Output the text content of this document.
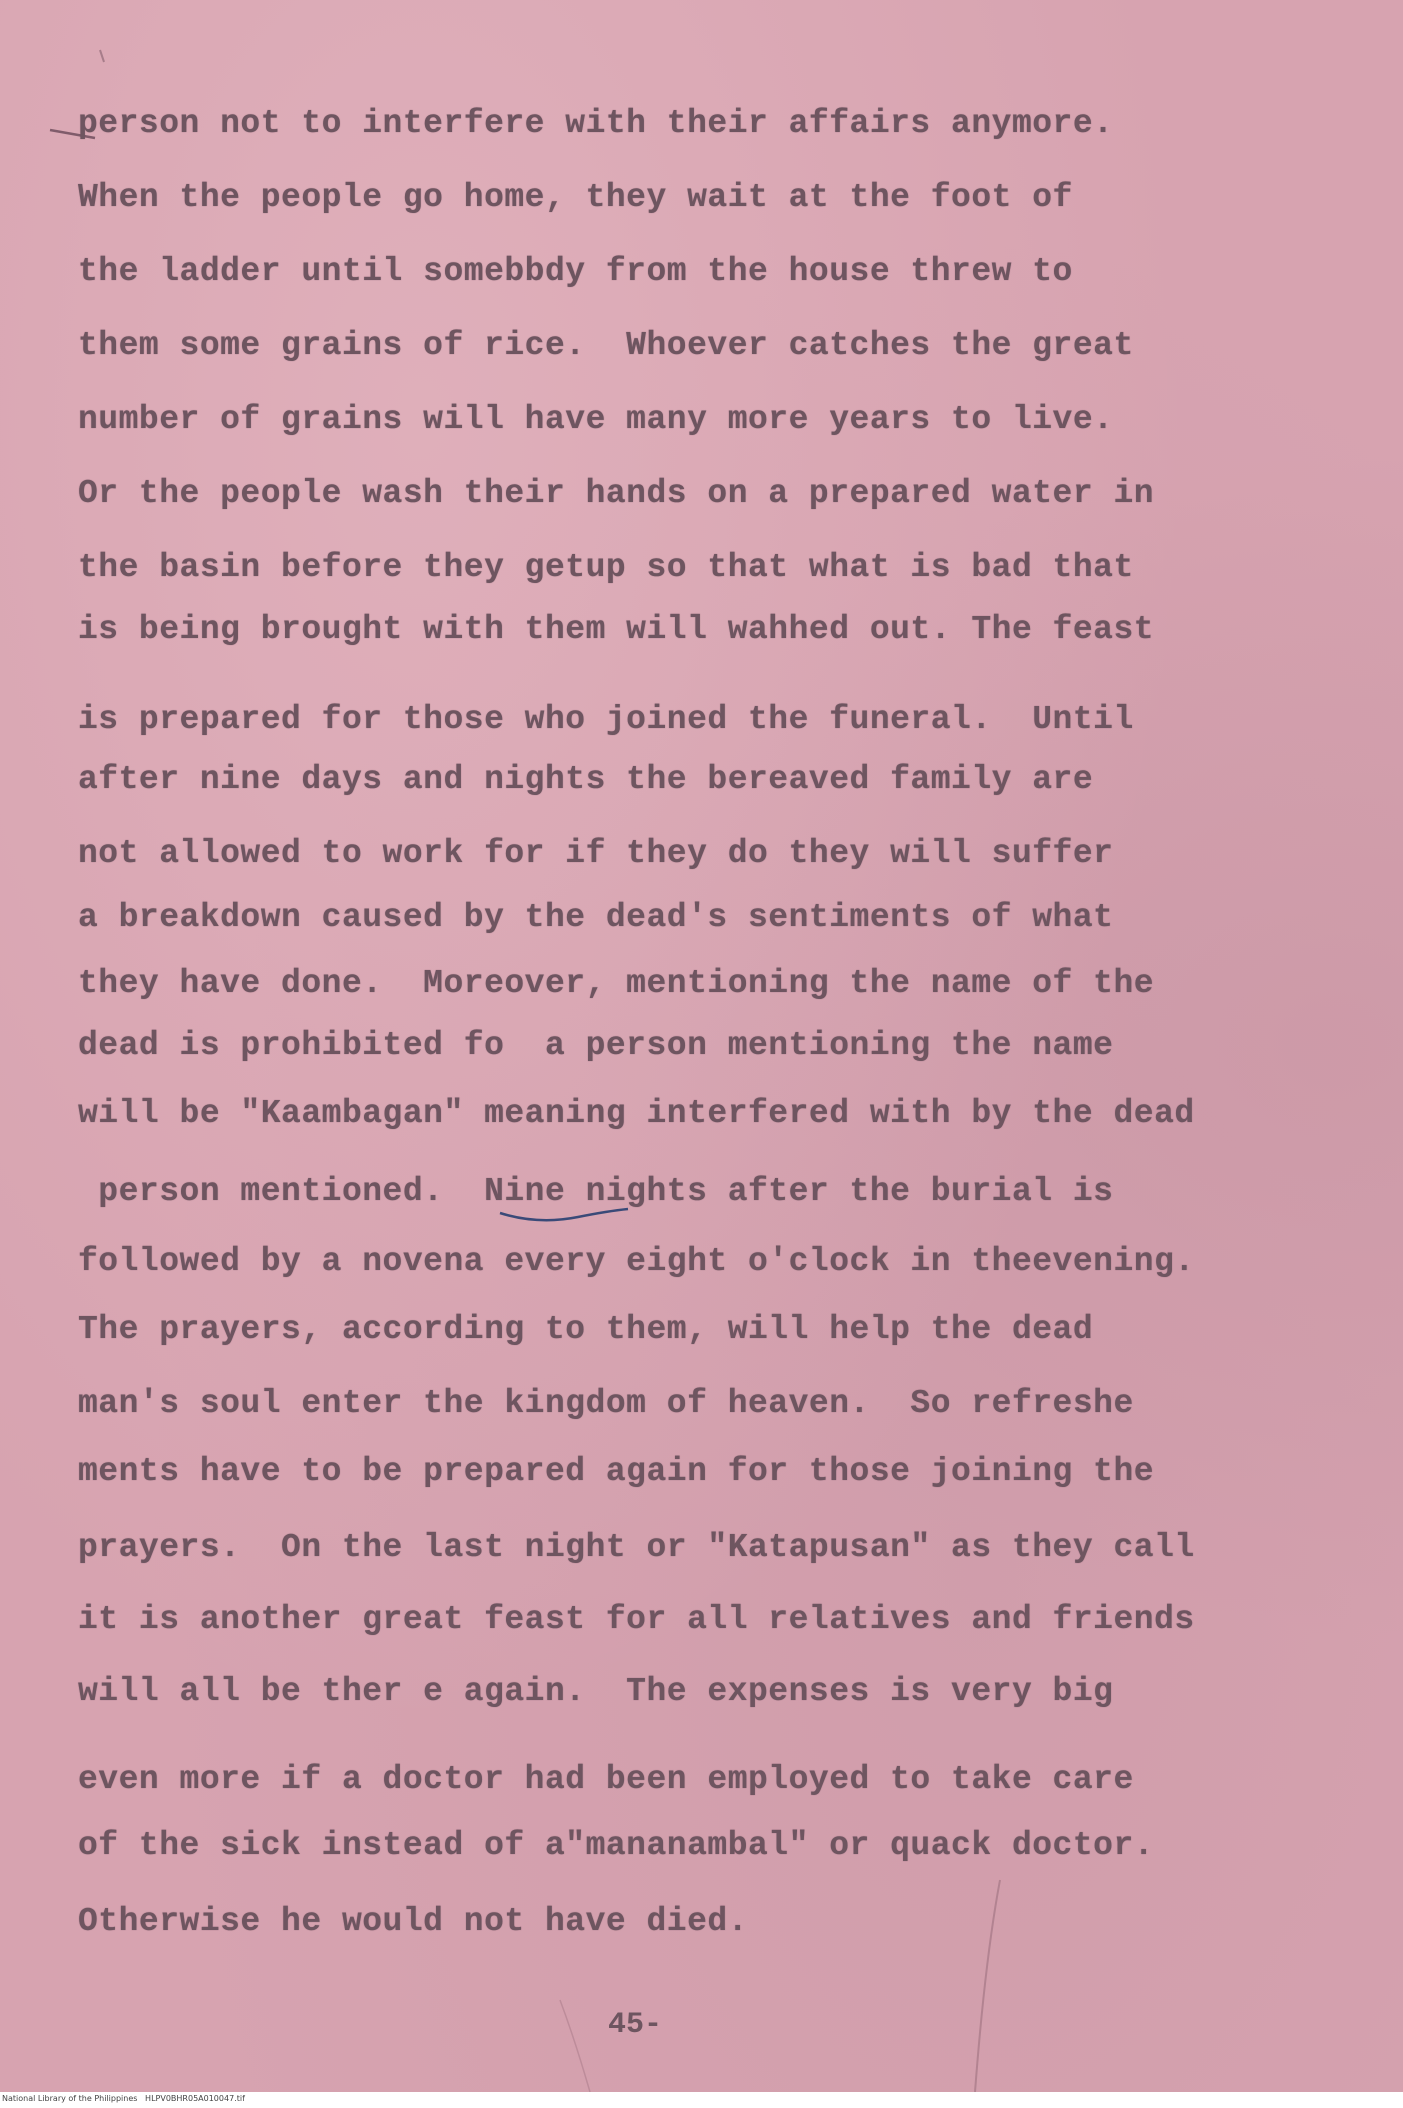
person not to interfere with their affairs anymore.
When the people go home, they wait at the foot of
the ladder until somebbdy from the house threw to
them some grains of rice.  Whoever catches the great
number of grains will have many more years to live.
Or the people wash their hands on a prepared water in
the basin before they getup so that what is bad that
is being brought with them will wahhed out. The feast
is prepared for those who joined the funeral.  Until
after nine days and nights the bereaved family are
not allowed to work for if they do they will suffer
a breakdown caused by the dead's sentiments of what
they have done.  Moreover, mentioning the name of the
dead is prohibited fo  a person mentioning the name
will be "Kaambagan" meaning interfered with by the dead
person mentioned.  Nine nights after the burial is
followed by a novena every eight o'clock in theevening.
The prayers, according to them, will help the dead
man's soul enter the kingdom of heaven.  So refreshe
ments have to be prepared again for those joining the
prayers.  On the last night or "Katapusan" as they call
it is another great feast for all relatives and friends
will all be ther e again.  The expenses is very big
even more if a doctor had been employed to take care
of the sick instead of a"mananambal" or quack doctor.
Otherwise he would not have died.
45-
National Library of the Philippines   HLPV0BHR05A010047.tif
